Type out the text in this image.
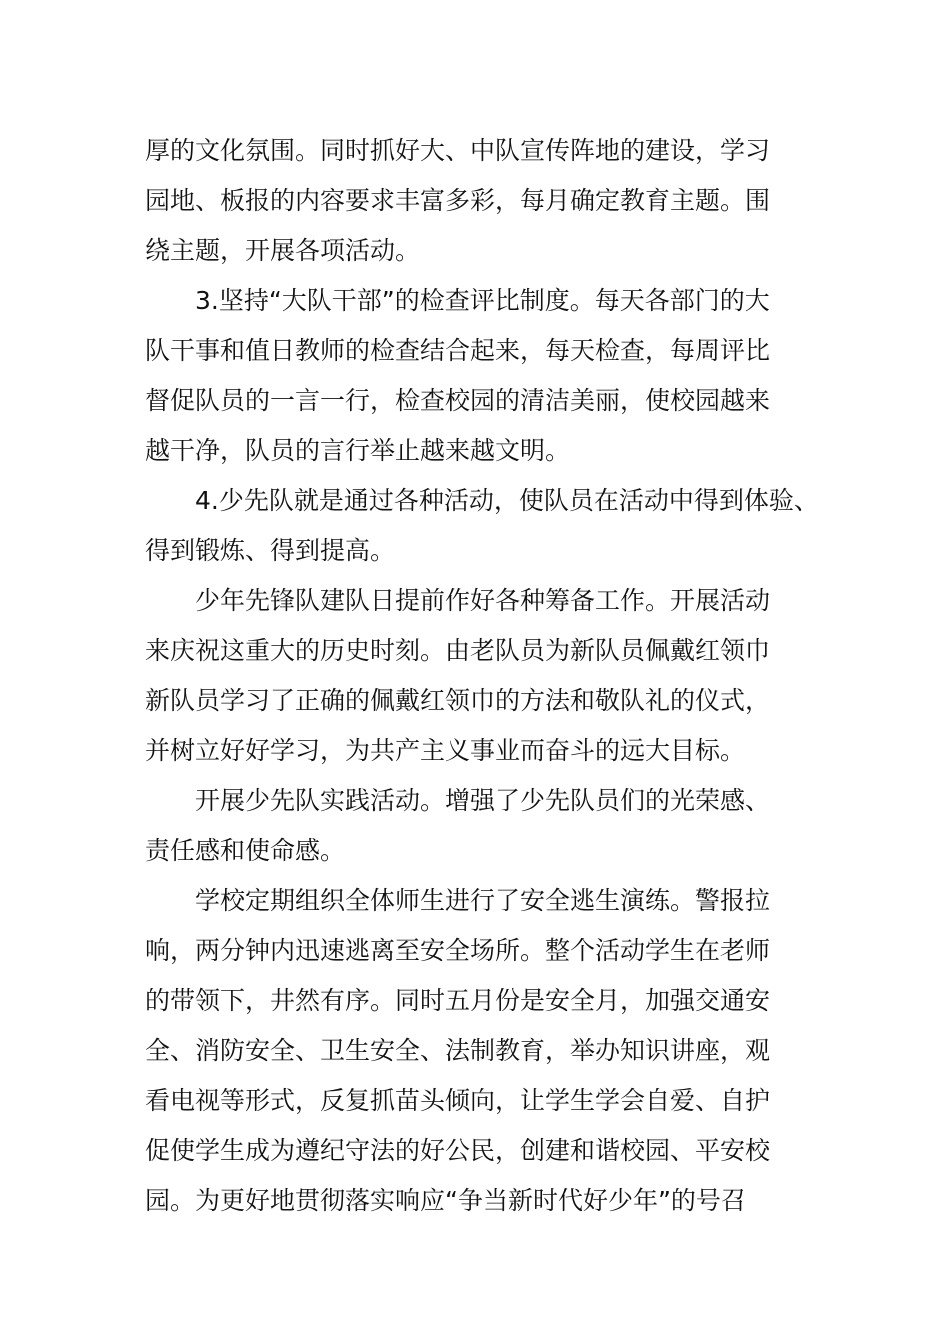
厚的文化氛围。同时抓好大、中队宣传阵地的建设，学习
园地、板报的内容要求丰富多彩，每月确定教育主题。围
绕主题，开展各项活动。
3.坚持“大队干部”的检查评比制度。每天各部门的大
队干事和值日教师的检查结合起来，每天检查，每周评比
督促队员的一言一行，检查校园的清洁美丽，使校园越来
越干净，队员的言行举止越来越文明。
4.少先队就是通过各种活动，使队员在活动中得到体验、
得到锻炼、得到提高。
少年先锋队建队日提前作好各种筹备工作。开展活动
来庆祝这重大的历史时刻。由老队员为新队员佩戴红领巾
新队员学习了正确的佩戴红领巾的方法和敬队礼的仪式，
并树立好好学习，为共产主义事业而奋斗的远大目标。
开展少先队实践活动。增强了少先队员们的光荣感、
责任感和使命感。
学校定期组织全体师生进行了安全逃生演练。警报拉
响，两分钟内迅速逃离至安全场所。整个活动学生在老师
的带领下，井然有序。同时五月份是安全月，加强交通安
全、消防安全、卫生安全、法制教育，举办知识讲座，观
看电视等形式，反复抓苗头倾向，让学生学会自爱、自护
促使学生成为遵纪守法的好公民，创建和谐校园、平安校
园。为更好地贯彻落实响应“争当新时代好少年”的号召
